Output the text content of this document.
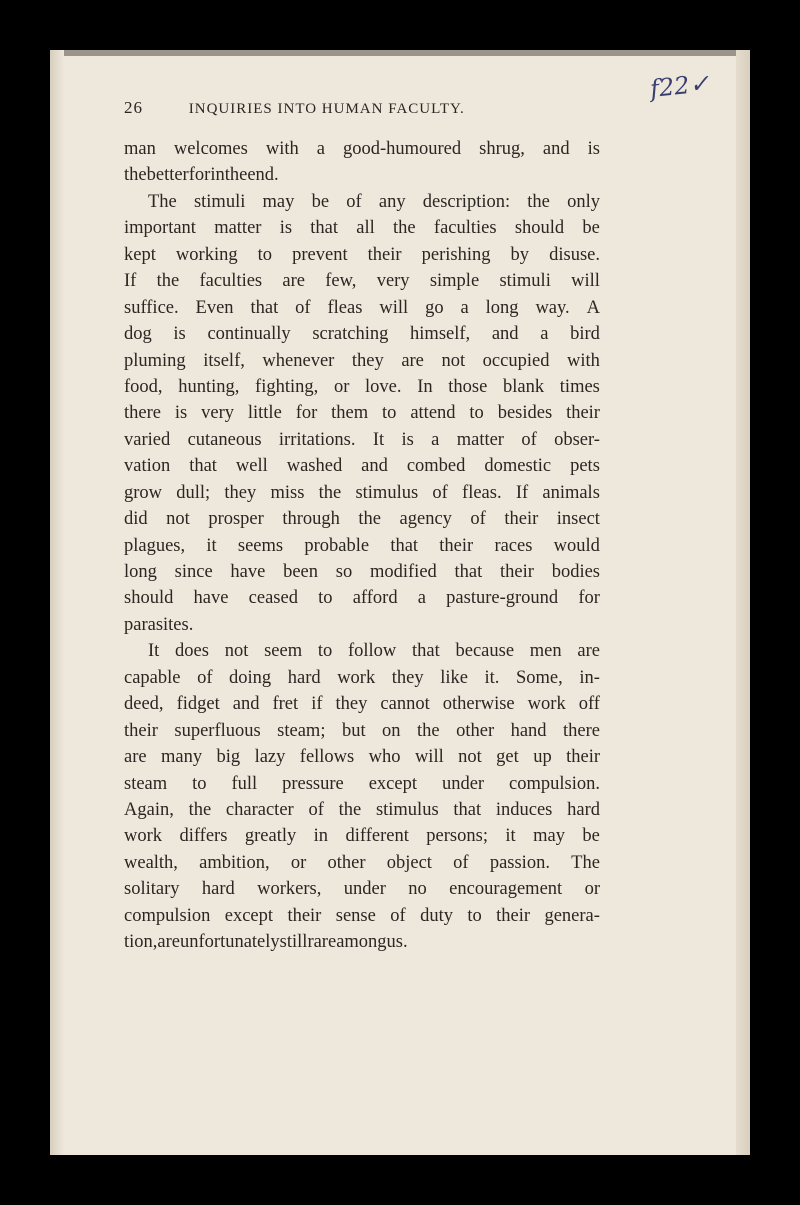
f22✓
26	INQUIRIES INTO HUMAN FACULTY.
man welcomes with a good-humoured shrug, and is
the better for in the end.
The stimuli may be of any description: the only
important matter is that all the faculties should be
kept working to prevent their perishing by disuse.
If the faculties are few, very simple stimuli will
suffice. Even that of fleas will go a long way. A
dog is continually scratching himself, and a bird
pluming itself, whenever they are not occupied with
food, hunting, fighting, or love. In those blank times
there is very little for them to attend to besides their
varied cutaneous irritations. It is a matter of obser-
vation that well washed and combed domestic pets
grow dull; they miss the stimulus of fleas. If animals
did not prosper through the agency of their insect
plagues, it seems probable that their races would
long since have been so modified that their bodies
should have ceased to afford a pasture-ground for
parasites.
It does not seem to follow that because men are
capable of doing hard work they like it. Some, in-
deed, fidget and fret if they cannot otherwise work off
their superfluous steam; but on the other hand there
are many big lazy fellows who will not get up their
steam to full pressure except under compulsion.
Again, the character of the stimulus that induces hard
work differs greatly in different persons; it may be
wealth, ambition, or other object of passion. The
solitary hard workers, under no encouragement or
compulsion except their sense of duty to their genera-
tion, are unfortunately still rare among us.
